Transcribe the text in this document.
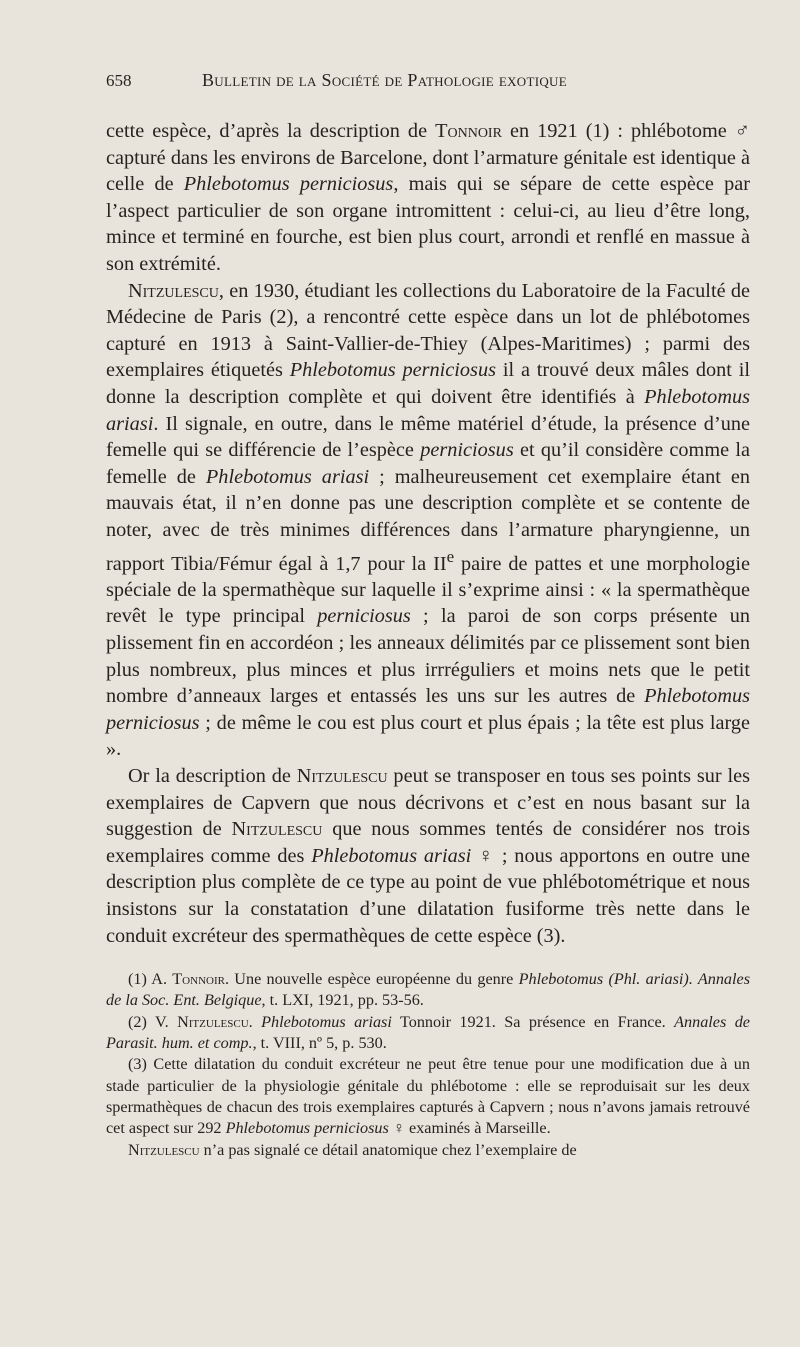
658	Bulletin de la Société de Pathologie exotique

cette espèce, d’après la description de Tonnoir en 1921 (1) : phlébotome ♂ capturé dans les environs de Barcelone, dont l’armature génitale est identique à celle de Phlebotomus perniciosus, mais qui se sépare de cette espèce par l’aspect particulier de son organe intromittent : celui-ci, au lieu d’être long, mince et terminé en fourche, est bien plus court, arrondi et renflé en massue à son extrémité.

Nitzulescu, en 1930, étudiant les collections du Laboratoire de la Faculté de Médecine de Paris (2), a rencontré cette espèce dans un lot de phlébotomes capturé en 1913 à Saint-Vallier-de-Thiey (Alpes-Maritimes) ; parmi des exemplaires étiquetés Phlebotomus perniciosus il a trouvé deux mâles dont il donne la description complète et qui doivent être identifiés à Phlebotomus ariasi. Il signale, en outre, dans le même matériel d’étude, la présence d’une femelle qui se différencie de l’espèce perniciosus et qu’il considère comme la femelle de Phlebotomus ariasi ; malheureusement cet exemplaire étant en mauvais état, il n’en donne pas une description complète et se contente de noter, avec de très minimes différences dans l’armature pharyngienne, un rapport Tibia/Fémur égal à 1,7 pour la IIe paire de pattes et une morphologie spéciale de la spermathèque sur laquelle il s’exprime ainsi : « la spermathèque revêt le type principal perniciosus ; la paroi de son corps présente un plissement fin en accordéon ; les anneaux délimités par ce plissement sont bien plus nombreux, plus minces et plus irrréguliers et moins nets que le petit nombre d’anneaux larges et entassés les uns sur les autres de Phlebotomus perniciosus ; de même le cou est plus court et plus épais ; la tête est plus large ».

Or la description de Nitzulescu peut se transposer en tous ses points sur les exemplaires de Capvern que nous décrivons et c’est en nous basant sur la suggestion de Nitzulescu que nous sommes tentés de considérer nos trois exemplaires comme des Phlebotomus ariasi ♀ ; nous apportons en outre une description plus complète de ce type au point de vue phlébotométrique et nous insistons sur la constatation d’une dilatation fusiforme très nette dans le conduit excréteur des spermathèques de cette espèce (3).

(1) A. Tonnoir. Une nouvelle espèce européenne du genre Phlebotomus (Phl. ariasi). Annales de la Soc. Ent. Belgique, t. LXI, 1921, pp. 53-56.

(2) V. Nitzulescu. Phlebotomus ariasi Tonnoir 1921. Sa présence en France. Annales de Parasit. hum. et comp., t. VIII, nº 5, p. 530.

(3) Cette dilatation du conduit excréteur ne peut être tenue pour une modification due à un stade particulier de la physiologie génitale du phlébotome : elle se reproduisait sur les deux spermathèques de chacun des trois exemplaires capturés à Capvern ; nous n’avons jamais retrouvé cet aspect sur 292 Phlebotomus perniciosus ♀ examinés à Marseille.

Nitzulescu n’a pas signalé ce détail anatomique chez l’exemplaire de
